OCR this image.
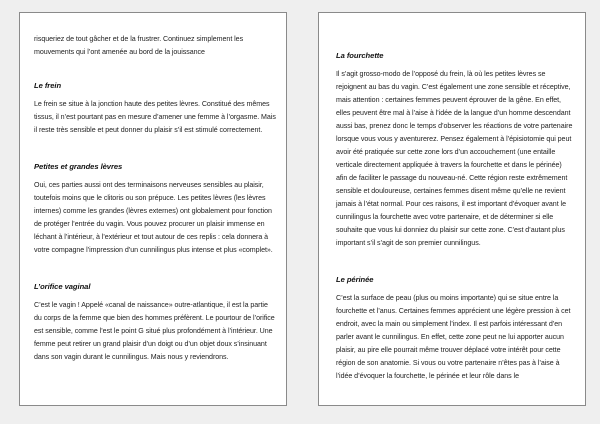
risqueriez de tout gâcher et de la frustrer. Continuez simplement les mouvements qui l’ont amenée au bord de la jouissance

Le frein

Le frein se situe à la jonction haute des petites lèvres. Constitué des mêmes tissus, il n’est pourtant pas en mesure d’amener une femme à l’orgasme. Mais il reste très sensible et peut donner du plaisir s’il est stimulé correctement.

Petites et grandes lèvres

Oui, ces parties aussi ont des terminaisons nerveuses sensibles au plaisir, toutefois moins que le clitoris ou son prépuce. Les petites lèvres (les lèvres internes) comme les grandes (lèvres externes) ont globalement pour fonction de protéger l’entrée du vagin. Vous pouvez procurer un plaisir immense en léchant à l’intérieur, à l’extérieur et tout autour de ces replis : cela donnera à votre compagne l’impression d’un cunnilingus plus intense et plus «complet».

L’orifice vaginal

C’est le vagin ! Appelé «canal de naissance» outre-atlantique, il est la partie du corps de la femme que bien des hommes préfèrent. Le pourtour de l’orifice est sensible, comme l’est le point G situé plus profondément à l’intérieur. Une femme peut retirer un grand plaisir d’un doigt ou d’un objet doux s’insinuant dans son vagin durant le cunnilingus. Mais nous y reviendrons.

La fourchette

Il s’agit grosso-modo de l’opposé du frein, là où les petites lèvres se rejoignent au bas du vagin. C’est également une zone sensible et réceptive, mais attention : certaines femmes peuvent éprouver de la gêne. En effet, elles peuvent être mal à l’aise à l’idée de la langue d’un homme descendant aussi bas, prenez donc le temps d’observer les réactions de votre partenaire lorsque vous vous y aventurerez. Pensez également à l’épisiotomie qui peut avoir été pratiquée sur cette zone lors d’un accouchement (une entaille verticale directement appliquée à travers la fourchette et dans le périnée) afin de faciliter le passage du nouveau-né. Cette région reste extrêmement sensible et douloureuse, certaines femmes disent même qu’elle ne revient jamais à l’état normal. Pour ces raisons, il est important d’évoquer avant le cunnilingus la fourchette avec votre partenaire, et de déterminer si elle souhaite que vous lui donniez du plaisir sur cette zone. C’est d’autant plus important s’il s’agit de son premier cunnilingus.

Le périnée

C’est la surface de peau (plus ou moins importante) qui se situe entre la fourchette et l’anus. Certaines femmes apprécient une légère pression à cet endroit, avec la main ou simplement l’index. Il est parfois intéressant d’en parler avant le cunnilingus. En effet, cette zone peut ne lui apporter aucun plaisir, au pire elle pourrait même trouver déplacé votre intérêt pour cette région de son anatomie. Si vous ou votre partenaire n’êtes pas à l’aise à l’idée d’évoquer la fourchette, le périnée et leur rôle dans le
